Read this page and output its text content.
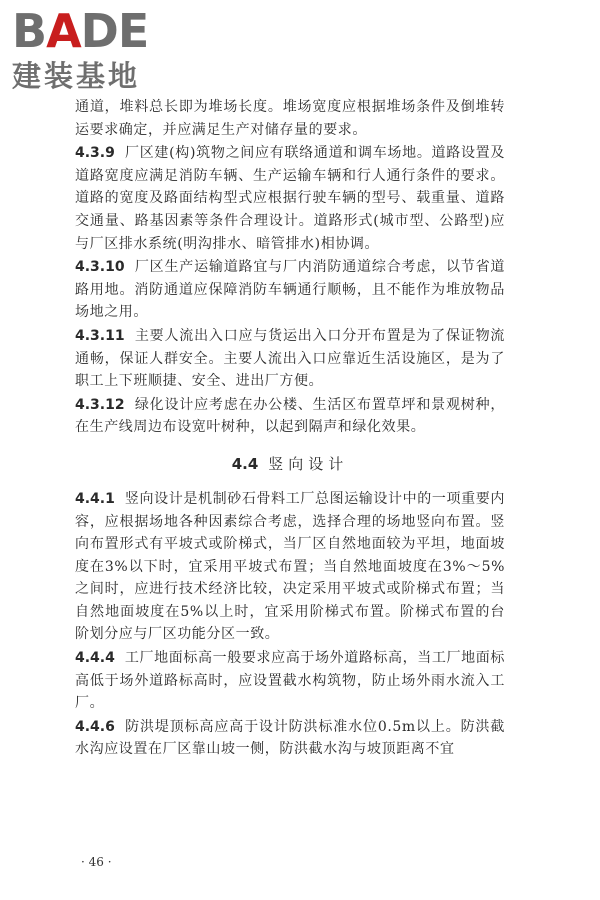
B A DE
建装基地

通道，堆料总长即为堆场长度。堆场宽度应根据堆场条件及倒堆转运要求确定，并应满足生产对储存量的要求。

4.3.9 厂区建(构)筑物之间应有联络通道和调车场地。道路设置及道路宽度应满足消防车辆、生产运输车辆和行人通行条件的要求。道路的宽度及路面结构型式应根据行驶车辆的型号、载重量、道路交通量、路基因素等条件合理设计。道路形式(城市型、公路型)应与厂区排水系统(明沟排水、暗管排水)相协调。

4.3.10 厂区生产运输道路宜与厂内消防通道综合考虑，以节省道路用地。消防通道应保障消防车辆通行顺畅，且不能作为堆放物品场地之用。

4.3.11 主要人流出入口应与货运出入口分开布置是为了保证物流通畅，保证人群安全。主要人流出入口应靠近生活设施区，是为了职工上下班顺捷、安全、进出厂方便。

4.3.12 绿化设计应考虑在办公楼、生活区布置草坪和景观树种，在生产线周边布设宽叶树种，以起到隔声和绿化效果。

4.4 竖向设计

4.4.1 竖向设计是机制砂石骨料工厂总图运输设计中的一项重要内容，应根据场地各种因素综合考虑，选择合理的场地竖向布置。竖向布置形式有平坡式或阶梯式，当厂区自然地面较为平坦，地面坡度在3%以下时，宜采用平坡式布置；当自然地面坡度在3%～5%之间时，应进行技术经济比较，决定采用平坡式或阶梯式布置；当自然地面坡度在5%以上时，宜采用阶梯式布置。阶梯式布置的台阶划分应与厂区功能分区一致。

4.4.4 工厂地面标高一般要求应高于场外道路标高，当工厂地面标高低于场外道路标高时，应设置截水构筑物，防止场外雨水流入工厂。

4.4.6 防洪堤顶标高应高于设计防洪标准水位0.5m以上。防洪截水沟应设置在厂区靠山坡一侧，防洪截水沟与坡顶距离不宜

· 46 ·
